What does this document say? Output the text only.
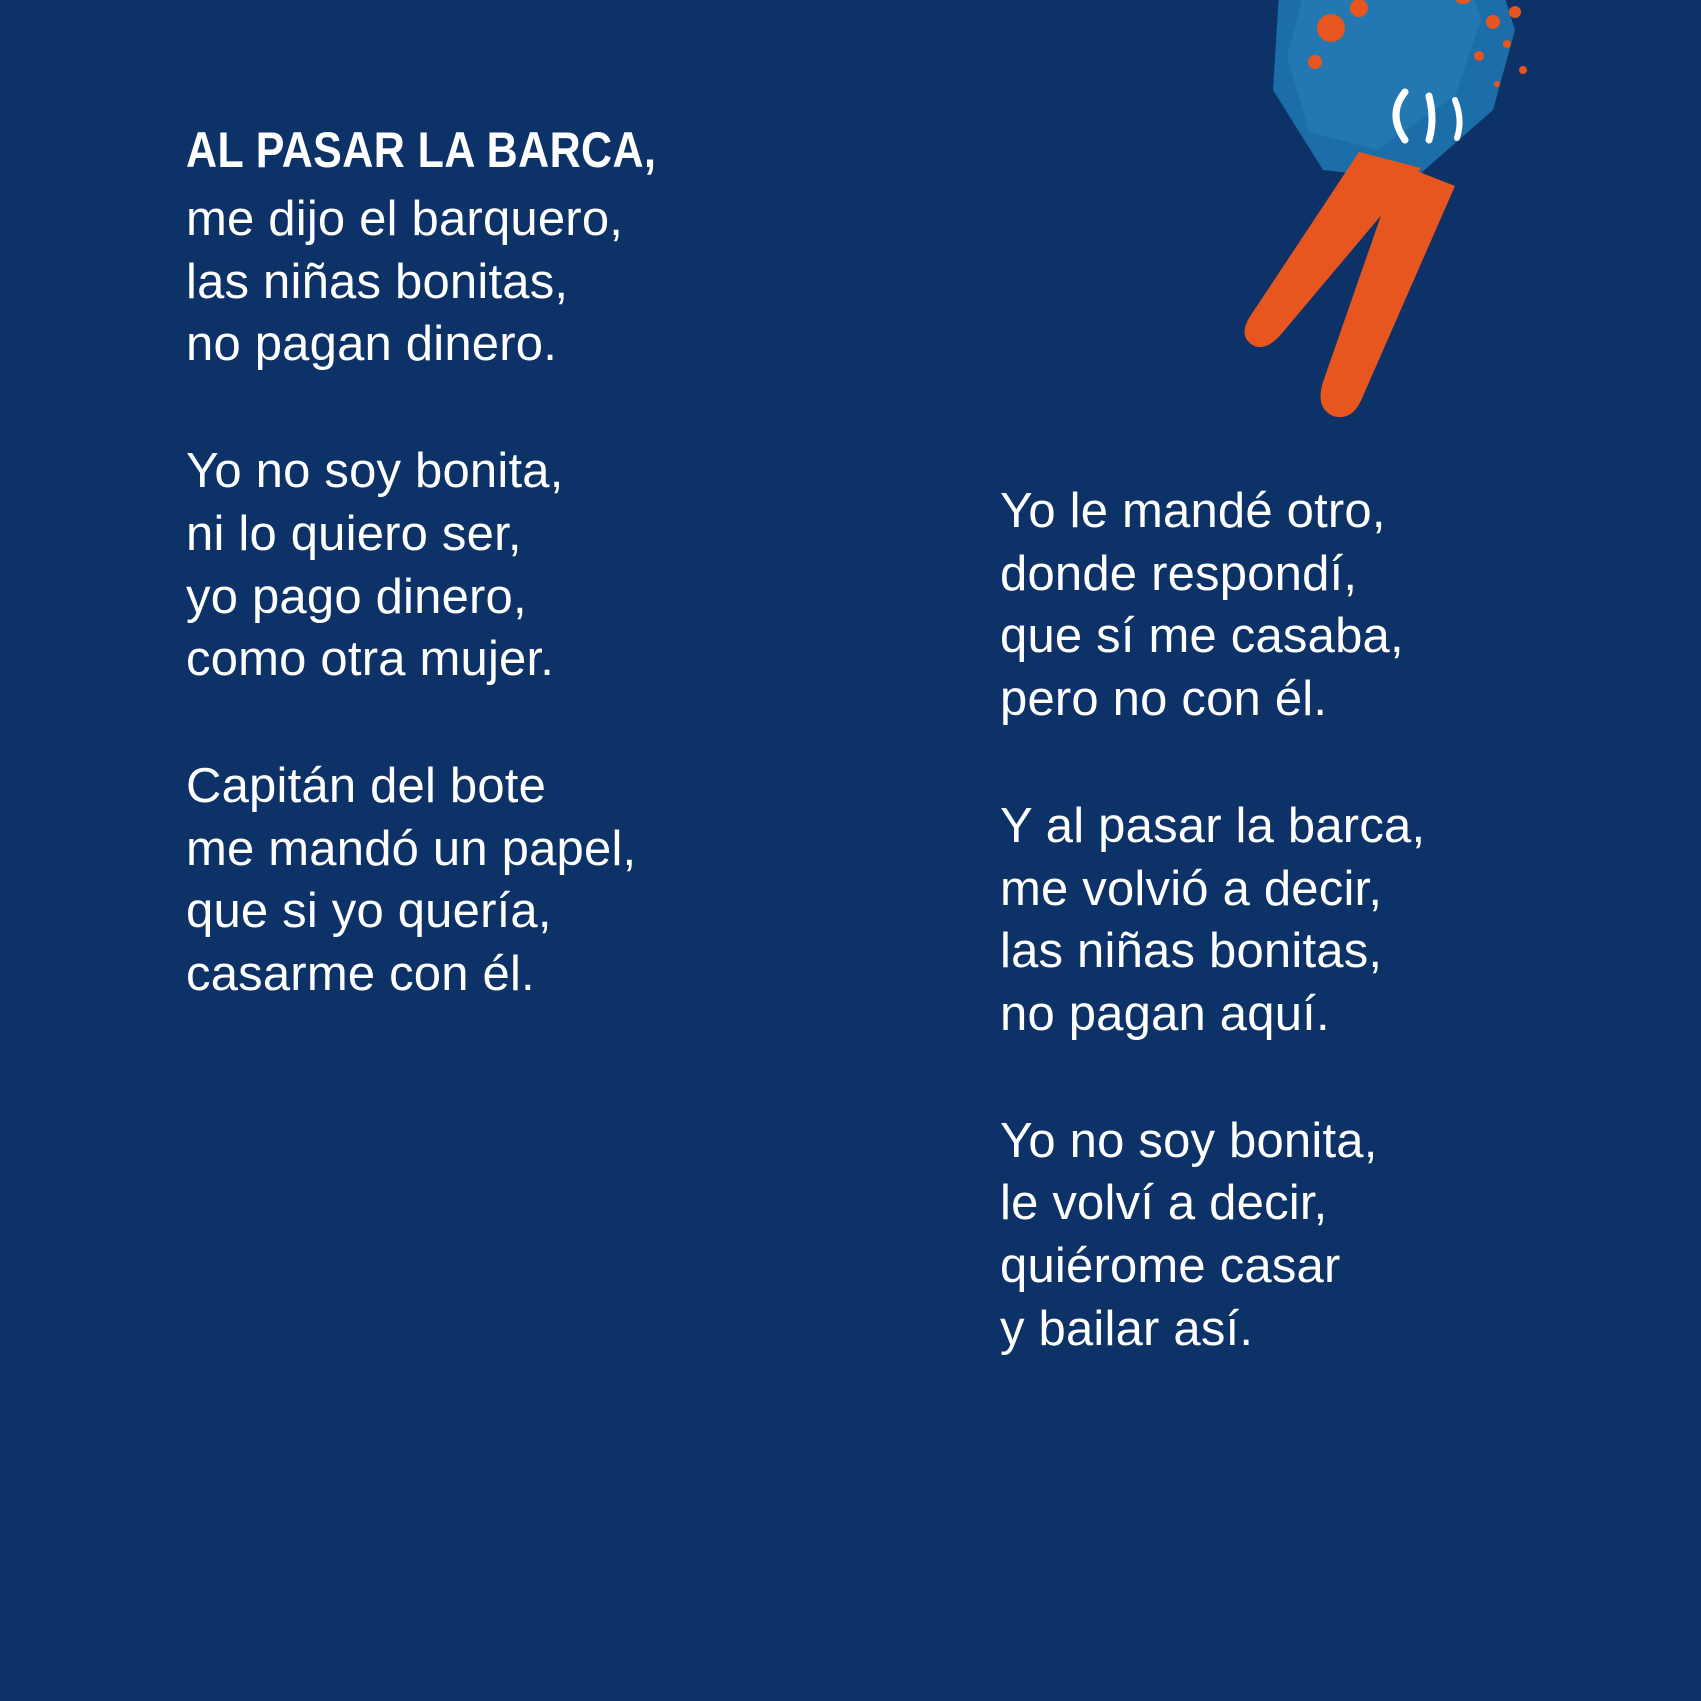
AL PASAR LA BARCA,
me dijo el barquero,
las niñas bonitas,
no pagan dinero.
Yo no soy bonita,
ni lo quiero ser,
yo pago dinero,
como otra mujer.
Capitán del bote
me mandó un papel,
que si yo quería,
casarme con él.
Yo le mandé otro,
donde respondí,
que sí me casaba,
pero no con él.
Y al pasar la barca,
me volvió a decir,
las niñas bonitas,
no pagan aquí.
Yo no soy bonita,
le volví a decir,
quiérome casar
y bailar así.
